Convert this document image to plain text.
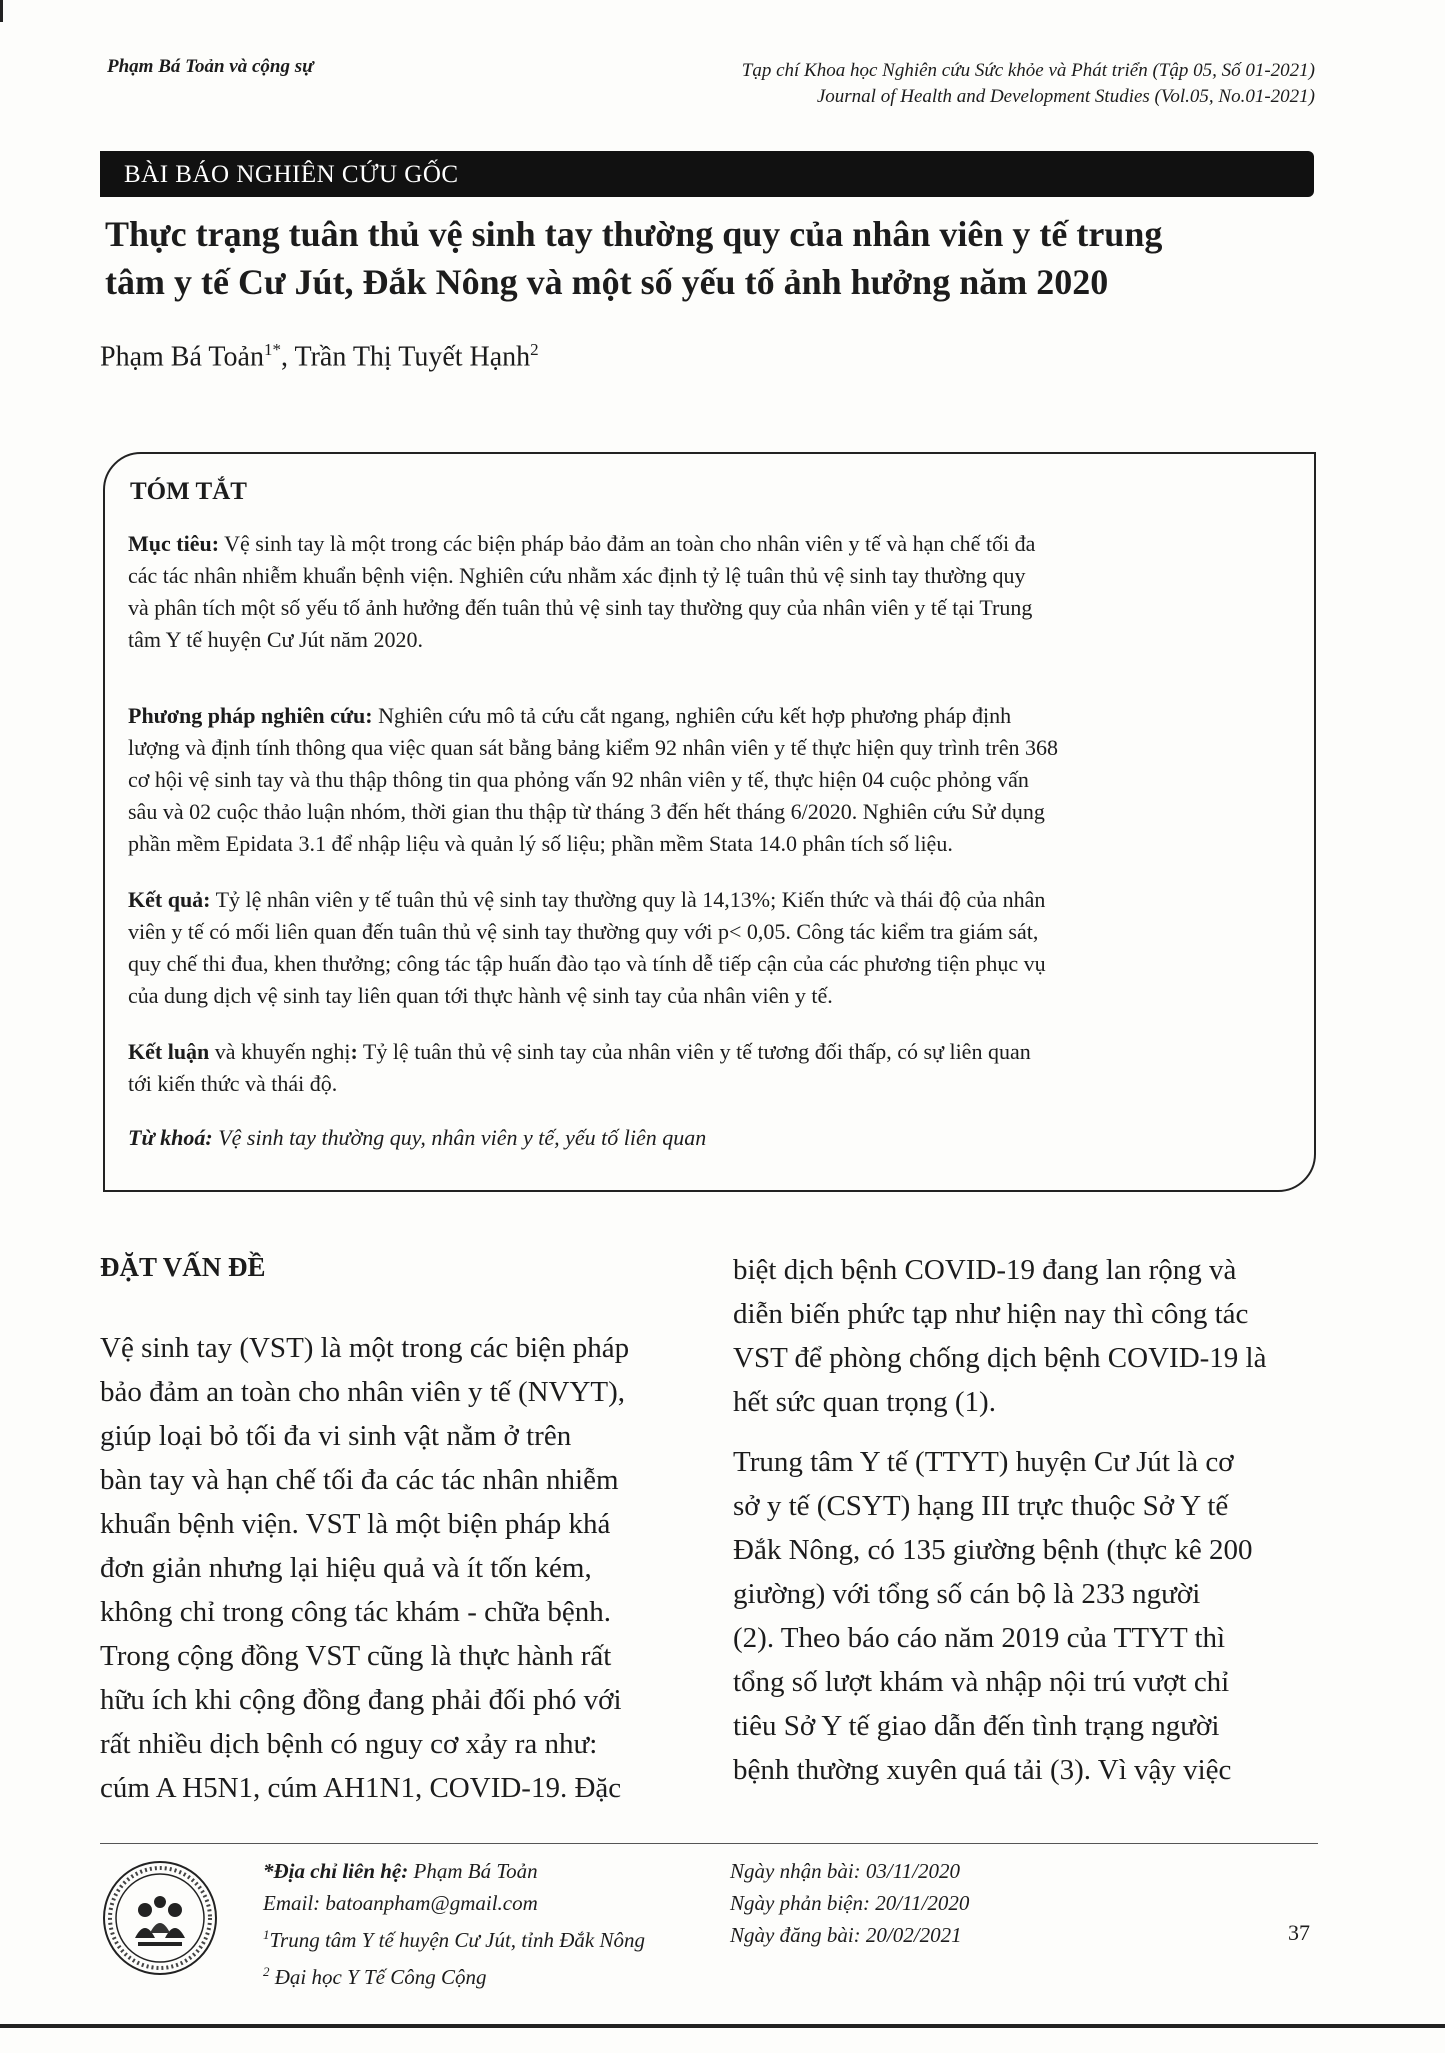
Phạm Bá Toản và cộng sự	Tạp chí Khoa học Nghiên cứu Sức khỏe và Phát triển (Tập 05, Số 01-2021)
Journal of Health and Development Studies (Vol.05, No.01-2021)
BÀI BÁO NGHIÊN CỨU GỐC
Thực trạng tuân thủ vệ sinh tay thường quy của nhân viên y tế trung
tâm y tế Cư Jút, Đắk Nông và một số yếu tố ảnh hưởng năm 2020
Phạm Bá Toản$^{1*}$, Trần Thị Tuyết Hạnh$^2$
TÓM TẮT
Mục tiêu: Vệ sinh tay là một trong các biện pháp bảo đảm an toàn cho nhân viên y tế và hạn chế tối đa
các tác nhân nhiễm khuẩn bệnh viện. Nghiên cứu nhằm xác định tỷ lệ tuân thủ vệ sinh tay thường quy
và phân tích một số yếu tố ảnh hưởng đến tuân thủ vệ sinh tay thường quy của nhân viên y tế tại Trung
tâm Y tế huyện Cư Jút năm 2020.
Phương pháp nghiên cứu: Nghiên cứu mô tả cứu cắt ngang, nghiên cứu kết hợp phương pháp định
lượng và định tính thông qua việc quan sát bằng bảng kiểm 92 nhân viên y tế thực hiện quy trình trên 368
cơ hội vệ sinh tay và thu thập thông tin qua phỏng vấn 92 nhân viên y tế, thực hiện 04 cuộc phỏng vấn
sâu và 02 cuộc thảo luận nhóm, thời gian thu thập từ tháng 3 đến hết tháng 6/2020. Nghiên cứu Sử dụng
phần mềm Epidata 3.1 để nhập liệu và quản lý số liệu; phần mềm Stata 14.0 phân tích số liệu.
Kết quả: Tỷ lệ nhân viên y tế tuân thủ vệ sinh tay thường quy là 14,13%; Kiến thức và thái độ của nhân
viên y tế có mối liên quan đến tuân thủ vệ sinh tay thường quy với p< 0,05. Công tác kiểm tra giám sát,
quy chế thi đua, khen thưởng; công tác tập huấn đào tạo và tính dễ tiếp cận của các phương tiện phục vụ
của dung dịch vệ sinh tay liên quan tới thực hành vệ sinh tay của nhân viên y tế.
Kết luận và khuyến nghị: Tỷ lệ tuân thủ vệ sinh tay của nhân viên y tế tương đối thấp, có sự liên quan
tới kiến thức và thái độ.
Từ khoá: Vệ sinh tay thường quy, nhân viên y tế, yếu tố liên quan
ĐẶT VẤN ĐỀ
Vệ sinh tay (VST) là một trong các biện pháp
bảo đảm an toàn cho nhân viên y tế (NVYT),
giúp loại bỏ tối đa vi sinh vật nằm ở trên
bàn tay và hạn chế tối đa các tác nhân nhiễm
khuẩn bệnh viện. VST là một biện pháp khá
đơn giản nhưng lại hiệu quả và ít tốn kém,
không chỉ trong công tác khám - chữa bệnh.
Trong cộng đồng VST cũng là thực hành rất
hữu ích khi cộng đồng đang phải đối phó với
rất nhiều dịch bệnh có nguy cơ xảy ra như:
cúm A H5N1, cúm AH1N1, COVID-19. Đặc
biệt dịch bệnh COVID-19 đang lan rộng và
diễn biến phức tạp như hiện nay thì công tác
VST để phòng chống dịch bệnh COVID-19 là
hết sức quan trọng (1).
Trung tâm Y tế (TTYT) huyện Cư Jút là cơ
sở y tế (CSYT) hạng III trực thuộc Sở Y tế
Đắk Nông, có 135 giường bệnh (thực kê 200
giường) với tổng số cán bộ là 233 người
(2). Theo báo cáo năm 2019 của TTYT thì
tổng số lượt khám và nhập nội trú vượt chỉ
tiêu Sở Y tế giao dẫn đến tình trạng người
bệnh thường xuyên quá tải (3). Vì vậy việc
*Địa chỉ liên hệ: Phạm Bá Toản
Email: batoanpham@gmail.com
$^1$Trung tâm Y tế huyện Cư Jút, tỉnh Đắk Nông
$^2$ Đại học Y Tế Công Cộng
Ngày nhận bài: 03/11/2020
Ngày phản biện: 20/11/2020
Ngày đăng bài: 20/02/2021	37
